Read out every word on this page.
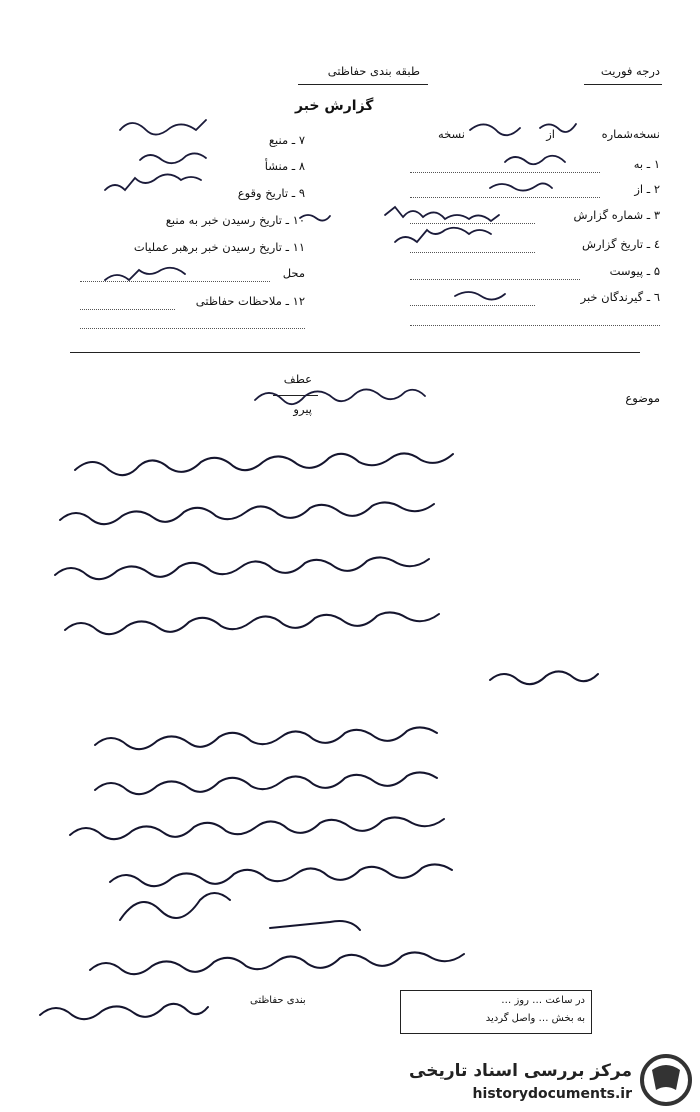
درجه فوریت
طبقه بندی حفاظتی
گزارش خبر
نسخه‌شماره
از
نسخه
۱ ـ به
۲ ـ از
۳ ـ شماره گزارش
٤ ـ تاریخ گزارش
۵ ـ پیوست
٦ ـ گیرندگان خبر
۷ ـ منبع
۸ ـ منشأ
۹ ـ تاریخ وقوع
۱۰ ـ تاریخ رسیدن خبر به منبع
۱۱ ـ تاریخ رسیدن خبر برهبر عملیات
محل
۱۲ ـ ملاحظات حفاظتی
موضوع
عطف
پیرو
در ساعت … روز …
به بخش … واصل گردید
بندی حفاظتی
مرکز بررسی اسناد تاریخی
historydocuments.ir
